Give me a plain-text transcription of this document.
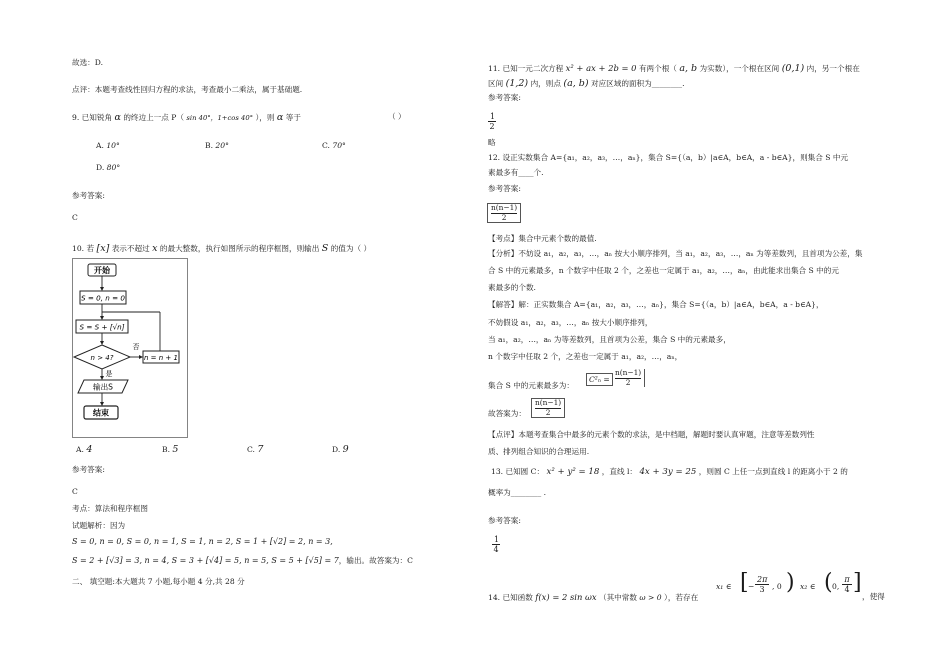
故选：D.
点评：本题考查线性回归方程的求法，考查最小二乘法，属于基础题.
9. 已知锐角 α 的终边上一点 P（ sin 40°，1+cos 40° ），则 α 等于	（ ）
A. 10°	B. 20°	C. 70°
D. 80°
参考答案:
C
10. 若 [x] 表示不超过 x 的最大整数，执行如图所示的程序框图，则输出 S 的值为（ ）
开始
S = 0, n = 0
S = S + [√n]
n > 4?
否
n = n + 1
是
输出S
结束
A. 4	B. 5	C. 7	D. 9
参考答案:
C
考点：算法和程序框图
试题解析：因为
S = 0, n = 0, S = 0, n = 1, S = 1, n = 2, S = 1 + [√2] = 2, n = 3,
S = 2 + [√3] = 3, n = 4, S = 3 + [√4] = 5, n = 5, S = 5 + [√5] = 7，输出。故答案为：C
二、 填空题:本大题共 7 小题,每小题 4 分,共 28 分
11. 已知一元二次方程 x² + ax + 2b = 0 有两个根（ a, b 为实数），一个根在区间 (0,1) 内，另一个根在
区间 (1,2) 内，则点 (a, b) 对应区域的面积为________.
参考答案:
1
2
略
12. 设正实数集合 A={a₁，a₂，a₃，…，aₙ}，集合 S={（a，b）|a∈A，b∈A，a - b∈A}，则集合 S 中元
素最多有____个.
参考答案:
n(n−1)
2
【考点】集合中元素个数的最值.
【分析】不妨设 a₁，a₂，a₃，…，aₙ 按大小顺序排列，当 a₁，a₂，a₃，…，aₙ 为等差数列，且首项为公差，集
合 S 中的元素最多，n 个数字中任取 2 个，之差也一定属于 a₁，a₂，…，aₙ，由此能求出集合 S 中的元
素最多的个数.
【解答】解：正实数集合 A={a₁，a₂，a₃，…，aₙ}，集合 S={（a，b）|a∈A，b∈A，a - b∈A}，
不妨假设 a₁，a₂，a₃，…，aₙ 按大小顺序排列，
当 a₁，a₂，…，aₙ 为等差数列，且首项为公差，集合 S 中的元素最多，
n 个数字中任取 2 个，之差也一定属于 a₁，a₂，…，aₙ，
集合 S 中的元素最多为：
C²ₙ =
n(n−1)
2
故答案为：
n(n−1)
2
【点评】本题考查集合中最多的元素个数的求法，是中档题，解题时要认真审题，注意等差数列性
质、排列组合知识的合理运用.
13. 已知圆 C： x² + y² = 18 ，直线 l： 4x + 3y = 25 ，则圆 C 上任一点到直线 l 的距离小于 2 的
概率为________ .
参考答案:
1
4
14. 已知函数 f(x) = 2 sin ωx （其中常数 ω > 0 ），若存在
x₁ ∈ [ −
2π
3 , 0 ) x₂ ∈ ( 0,
π
4 ]
，使得
